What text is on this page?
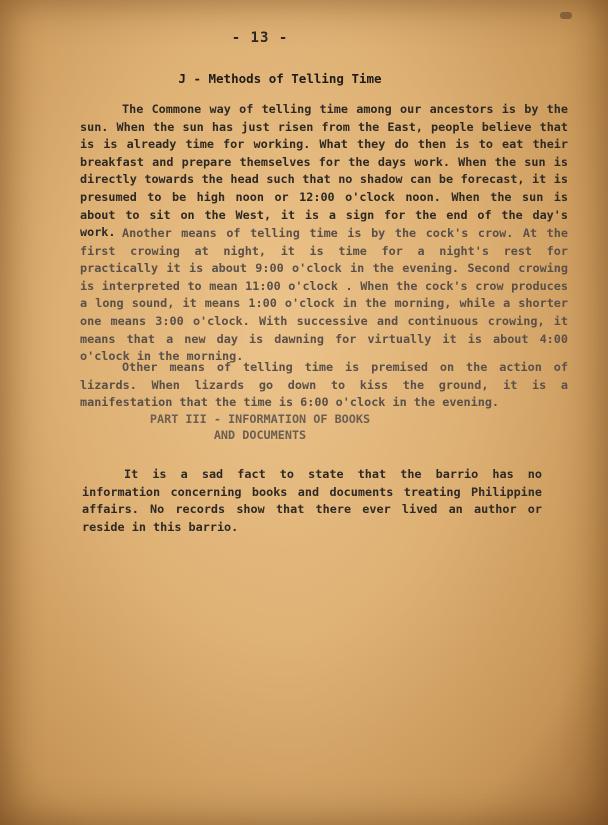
- 13 -
J - Methods of Telling Time
The Commone way of telling time among our ancestors is by the sun. When the sun has just risen from the East, people believe that is is already time for working. What they do then is to eat their breakfast and prepare themselves for the days work. When the sun is directly towards the head such that no shadow can be forecast, it is presumed to be high noon or 12:00 o'clock noon. When the sun is about to sit on the West, it is a sign for the end of the day's work. Another means of telling time is by the cock's crow. At the first crowing at night, it is time for a night's rest for practically it is about 9:00 o'clock in the evening. Second crowing is interpreted to mean 11:00 o'clock . When the cock's crow produces a long sound, it means 1:00 o'clock in the morning, while a shorter one means 3:00 o'clock. With successive and continuous crowing, it means that a new day is dawning for virtually it is about 4:00 o'clock in the morning.
Other means of telling time is premised on the action of lizards. When lizards go down to kiss the ground, it is a manifestation that the time is 6:00 o'clock in the evening.
PART III - INFORMATION OF BOOKS
AND DOCUMENTS
It is a sad fact to state that the barrio has no information concerning books and documents treating Philippine affairs. No records show that there ever lived an author or reside in this barrio.
